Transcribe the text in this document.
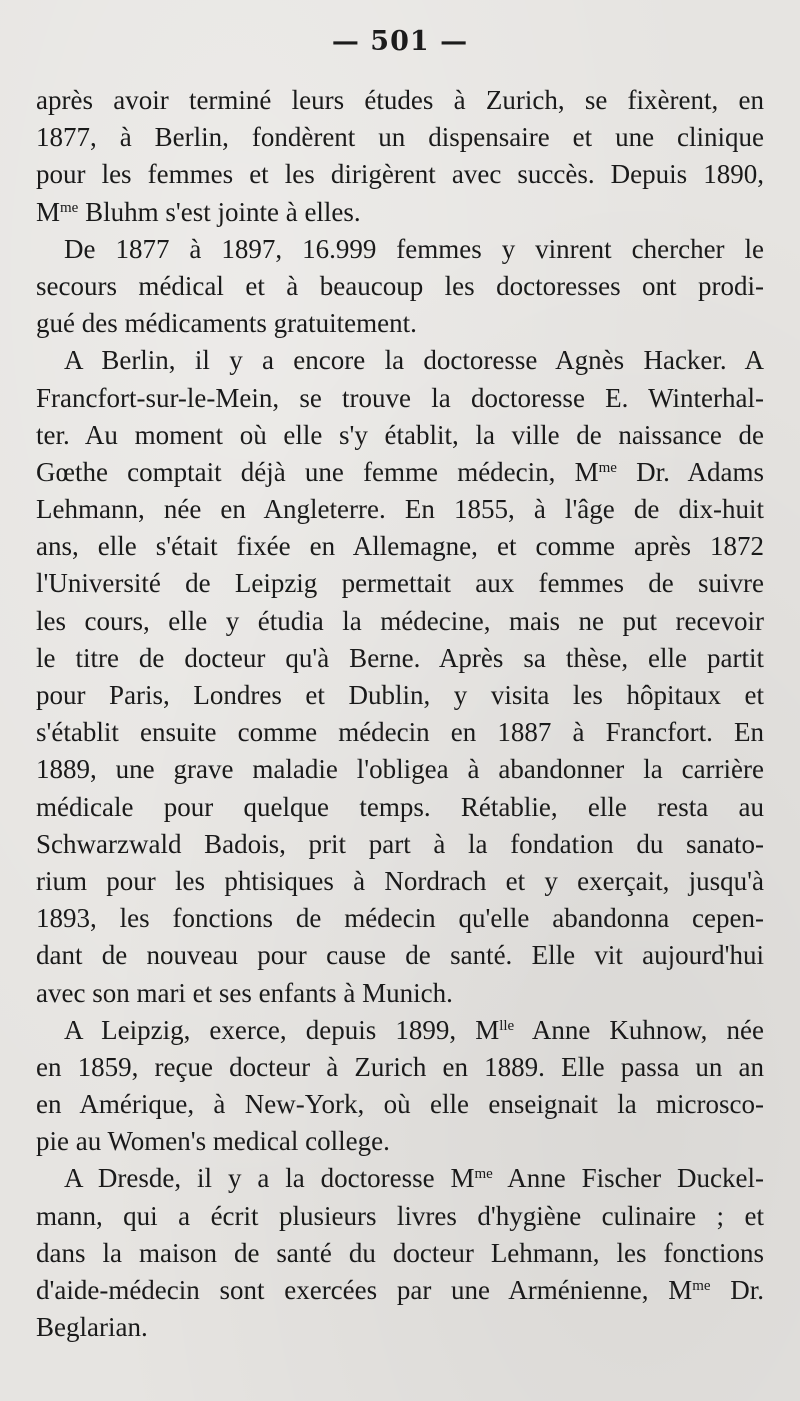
— 501 —
après avoir terminé leurs études à Zurich, se fixèrent, en
1877, à Berlin, fondèrent un dispensaire et une clinique
pour les femmes et les dirigèrent avec succès. Depuis 1890,
$M^{me}$ Bluhm s'est jointe à elles.
De 1877 à 1897, 16.999 femmes y vinrent chercher le
secours médical et à beaucoup les doctoresses ont prodi-
gué des médicaments gratuitement.
A Berlin, il y a encore la doctoresse Agnès Hacker. A
Francfort-sur-le-Mein, se trouve la doctoresse E. Winterhal-
ter. Au moment où elle s'y établit, la ville de naissance de
Gœthe comptait déjà une femme médecin, $M^{me}$ Dr. Adams
Lehmann, née en Angleterre. En 1855, à l'âge de dix-huit
ans, elle s'était fixée en Allemagne, et comme après 1872
l'Université de Leipzig permettait aux femmes de suivre
les cours, elle y étudia la médecine, mais ne put recevoir
le titre de docteur qu'à Berne. Après sa thèse, elle partit
pour Paris, Londres et Dublin, y visita les hôpitaux et
s'établit ensuite comme médecin en 1887 à Francfort. En
1889, une grave maladie l'obligea à abandonner la carrière
médicale pour quelque temps. Rétablie, elle resta au
Schwarzwald Badois, prit part à la fondation du sanato-
rium pour les phtisiques à Nordrach et y exerçait, jusqu'à
1893, les fonctions de médecin qu'elle abandonna cepen-
dant de nouveau pour cause de santé. Elle vit aujourd'hui
avec son mari et ses enfants à Munich.
A Leipzig, exerce, depuis 1899, $M^{lle}$ Anne Kuhnow, née
en 1859, reçue docteur à Zurich en 1889. Elle passa un an
en Amérique, à New-York, où elle enseignait la microsco-
pie au Women's medical college.
A Dresde, il y a la doctoresse $M^{me}$ Anne Fischer Duckel-
mann, qui a écrit plusieurs livres d'hygiène culinaire ; et
dans la maison de santé du docteur Lehmann, les fonctions
d'aide-médecin sont exercées par une Arménienne, $M^{me}$ Dr.
Beglarian.
